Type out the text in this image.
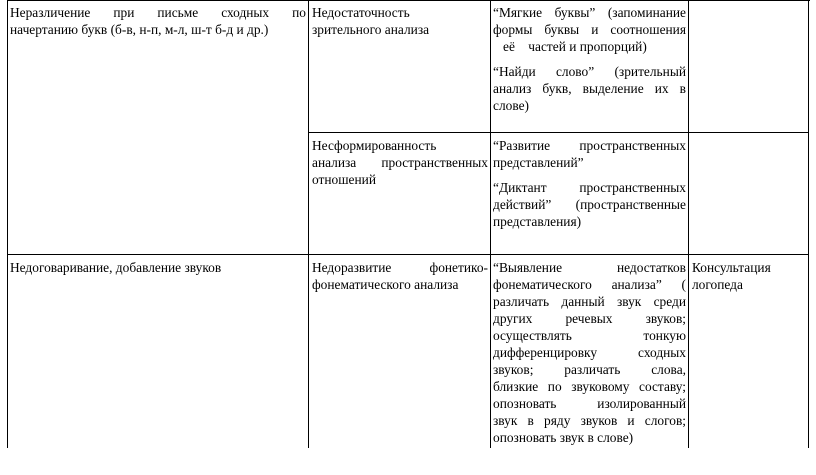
Неразличение при письме сходных по

начертанию букв (б-в, н-п, м-л, ш-т б-д и др.)

Недостаточность

зрительного анализа

“Мягкие буквы” (запоминание

формы буквы и соотношения

её    частей и пропорций)

“Найди слово” (зрительный

анализ букв, выделение их в

слове)

Несформированность

анализа пространственных

отношений

“Развитие пространственных

представлений”

“Диктант пространственных

действий” (пространственные

представления)

Недоговаривание, добавление звуков	Недоразвитие фонетико-

фонематического анализа

“Выявление недостатков

фонематического анализа” (

различать данный звук среди

других речевых звуков;

осуществлять тонкую

дифференцировку сходных

звуков; различать слова,

близкие по звуковому составу;

опозновать изолированный

звук в ряду звуков и слогов;

опозновать звук в слове)

Консультация

логопеда
